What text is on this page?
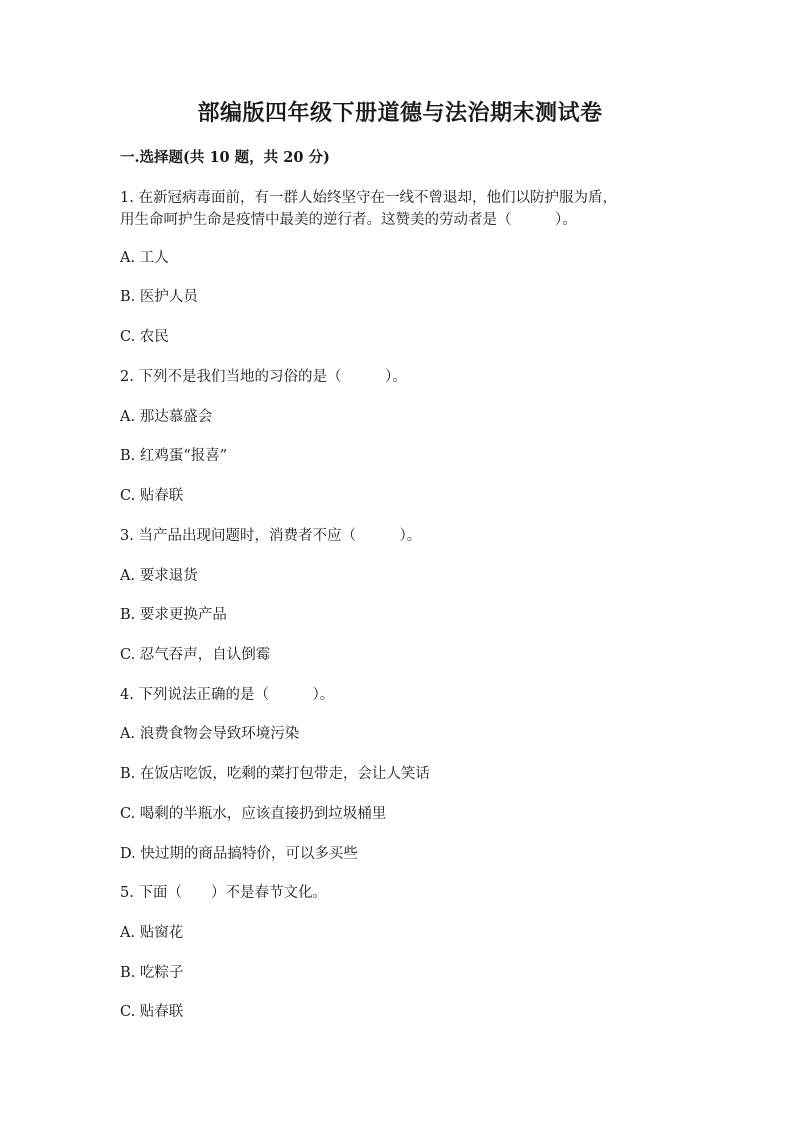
部编版四年级下册道德与法治期末测试卷
一.选择题(共 10 题，共 20 分)
1. 在新冠病毒面前，有一群人始终坚守在一线不曾退却，他们以防护服为盾，
用生命呵护生命是疫情中最美的逆行者。这赞美的劳动者是（　　　）。
A. 工人
B. 医护人员
C. 农民
2. 下列不是我们当地的习俗的是（　　　）。
A. 那达慕盛会
B. 红鸡蛋“报喜”
C. 贴春联
3. 当产品出现问题时，消费者不应（　　　）。
A. 要求退货
B. 要求更换产品
C. 忍气吞声，自认倒霉
4. 下列说法正确的是（　　　）。
A. 浪费食物会导致环境污染
B. 在饭店吃饭，吃剩的菜打包带走，会让人笑话
C. 喝剩的半瓶水，应该直接扔到垃圾桶里
D. 快过期的商品搞特价，可以多买些
5. 下面（　　）不是春节文化。
A. 贴窗花
B. 吃粽子
C. 贴春联
